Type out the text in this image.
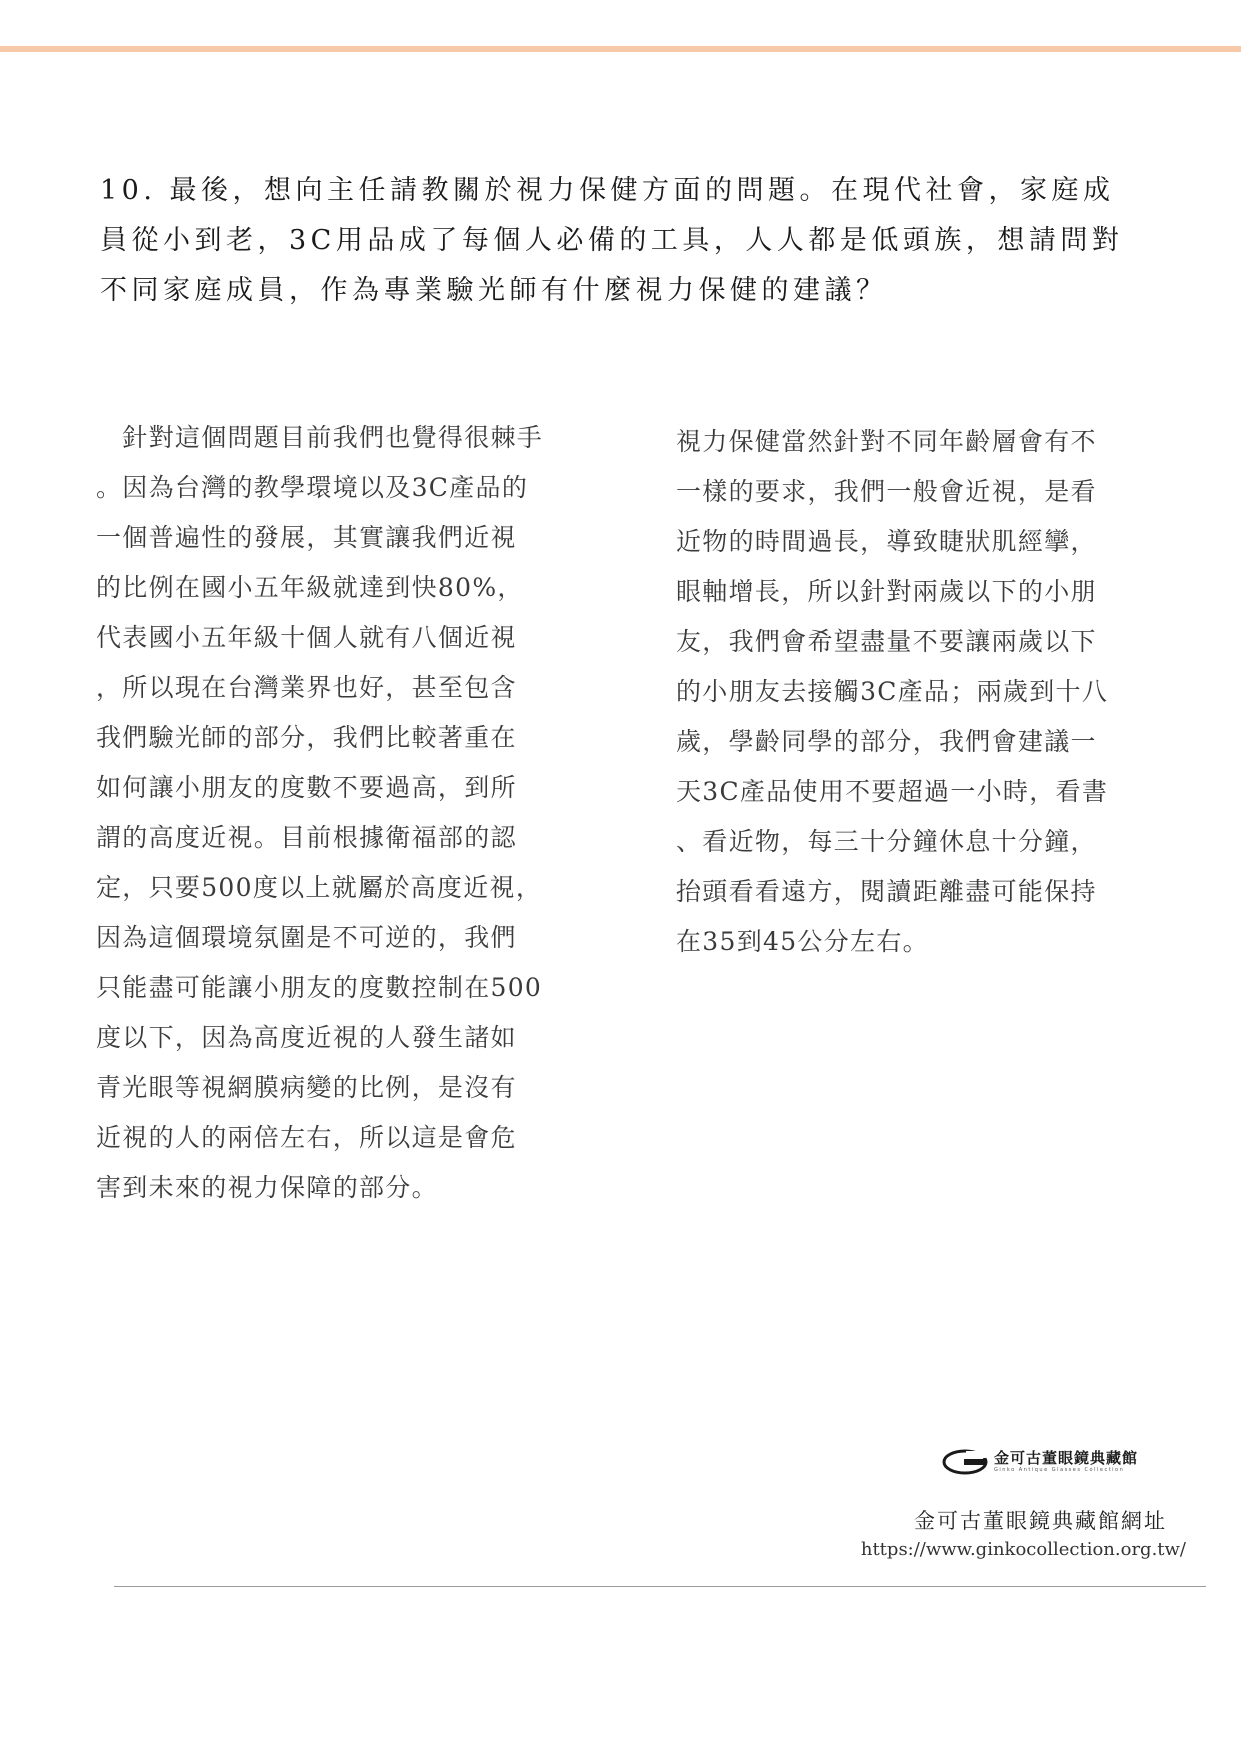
10. 最後，想向主任請教關於視力保健方面的問題。在現代社會，家庭成
員從小到老，3C用品成了每個人必備的工具，人人都是低頭族，想請問對
不同家庭成員，作為專業驗光師有什麼視力保健的建議？
　針對這個問題目前我們也覺得很棘手
。因為台灣的教學環境以及3C產品的
一個普遍性的發展，其實讓我們近視
的比例在國小五年級就達到快80%，
代表國小五年級十個人就有八個近視
，所以現在台灣業界也好，甚至包含
我們驗光師的部分，我們比較著重在
如何讓小朋友的度數不要過高，到所
謂的高度近視。目前根據衛福部的認
定，只要500度以上就屬於高度近視，
因為這個環境氛圍是不可逆的，我們
只能盡可能讓小朋友的度數控制在500
度以下，因為高度近視的人發生諸如
青光眼等視網膜病變的比例，是沒有
近視的人的兩倍左右，所以這是會危
害到未來的視力保障的部分。
視力保健當然針對不同年齡層會有不
一樣的要求，我們一般會近視，是看
近物的時間過長，導致睫狀肌經攣，
眼軸增長，所以針對兩歲以下的小朋
友，我們會希望盡量不要讓兩歲以下
的小朋友去接觸3C產品；兩歲到十八
歲，學齡同學的部分，我們會建議一
天3C產品使用不要超過一小時，看書
、看近物，每三十分鐘休息十分鐘，
抬頭看看遠方，閱讀距離盡可能保持
在35到45公分左右。
金可古董眼鏡典藏館
Ginko Antique Glasses Collection
金可古董眼鏡典藏館網址
https://www.ginkocollection.org.tw/
